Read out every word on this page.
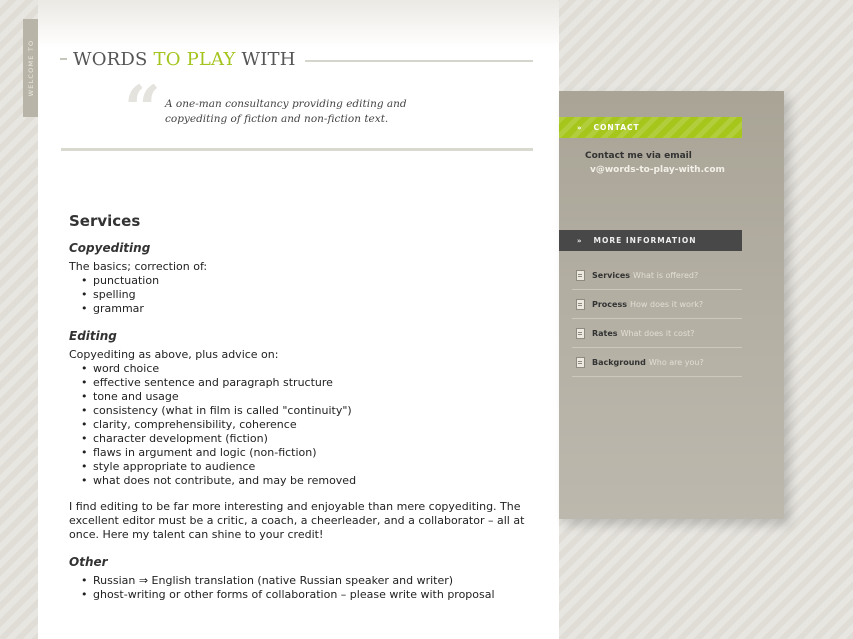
WELCOME TO WORDS TO PLAY WITH
“ A one-man consultancy providing editing and copyediting of fiction and non-fiction text.
Services
Copyediting

The basics; correction of:

• punctuation
• spelling
• grammar
Editing

Copyediting as above, plus advice on:

• word choice
• effective sentence and paragraph structure
• tone and usage
• consistency (what in film is called "continuity")
• clarity, comprehensibility, coherence
• character development (fiction)
• flaws in argument and logic (non-fiction)
• style appropriate to audience
• what does not contribute, and may be removed

I find editing to be far more interesting and enjoyable than mere copyediting. The excellent editor must be a critic, a coach, a cheerleader, and a collaborator – all at once. Here my talent can shine to your credit!

Other
• Russian ⇒ English translation (native Russian speaker and writer)
• ghost-writing or other forms of collaboration – please write with proposal
» CONTACT
Contact me via email
v@words-to-play-with.com
» MORE INFORMATION
Services What is offered?
Process How does it work?
Rates What does it cost?
Background Who are you?
